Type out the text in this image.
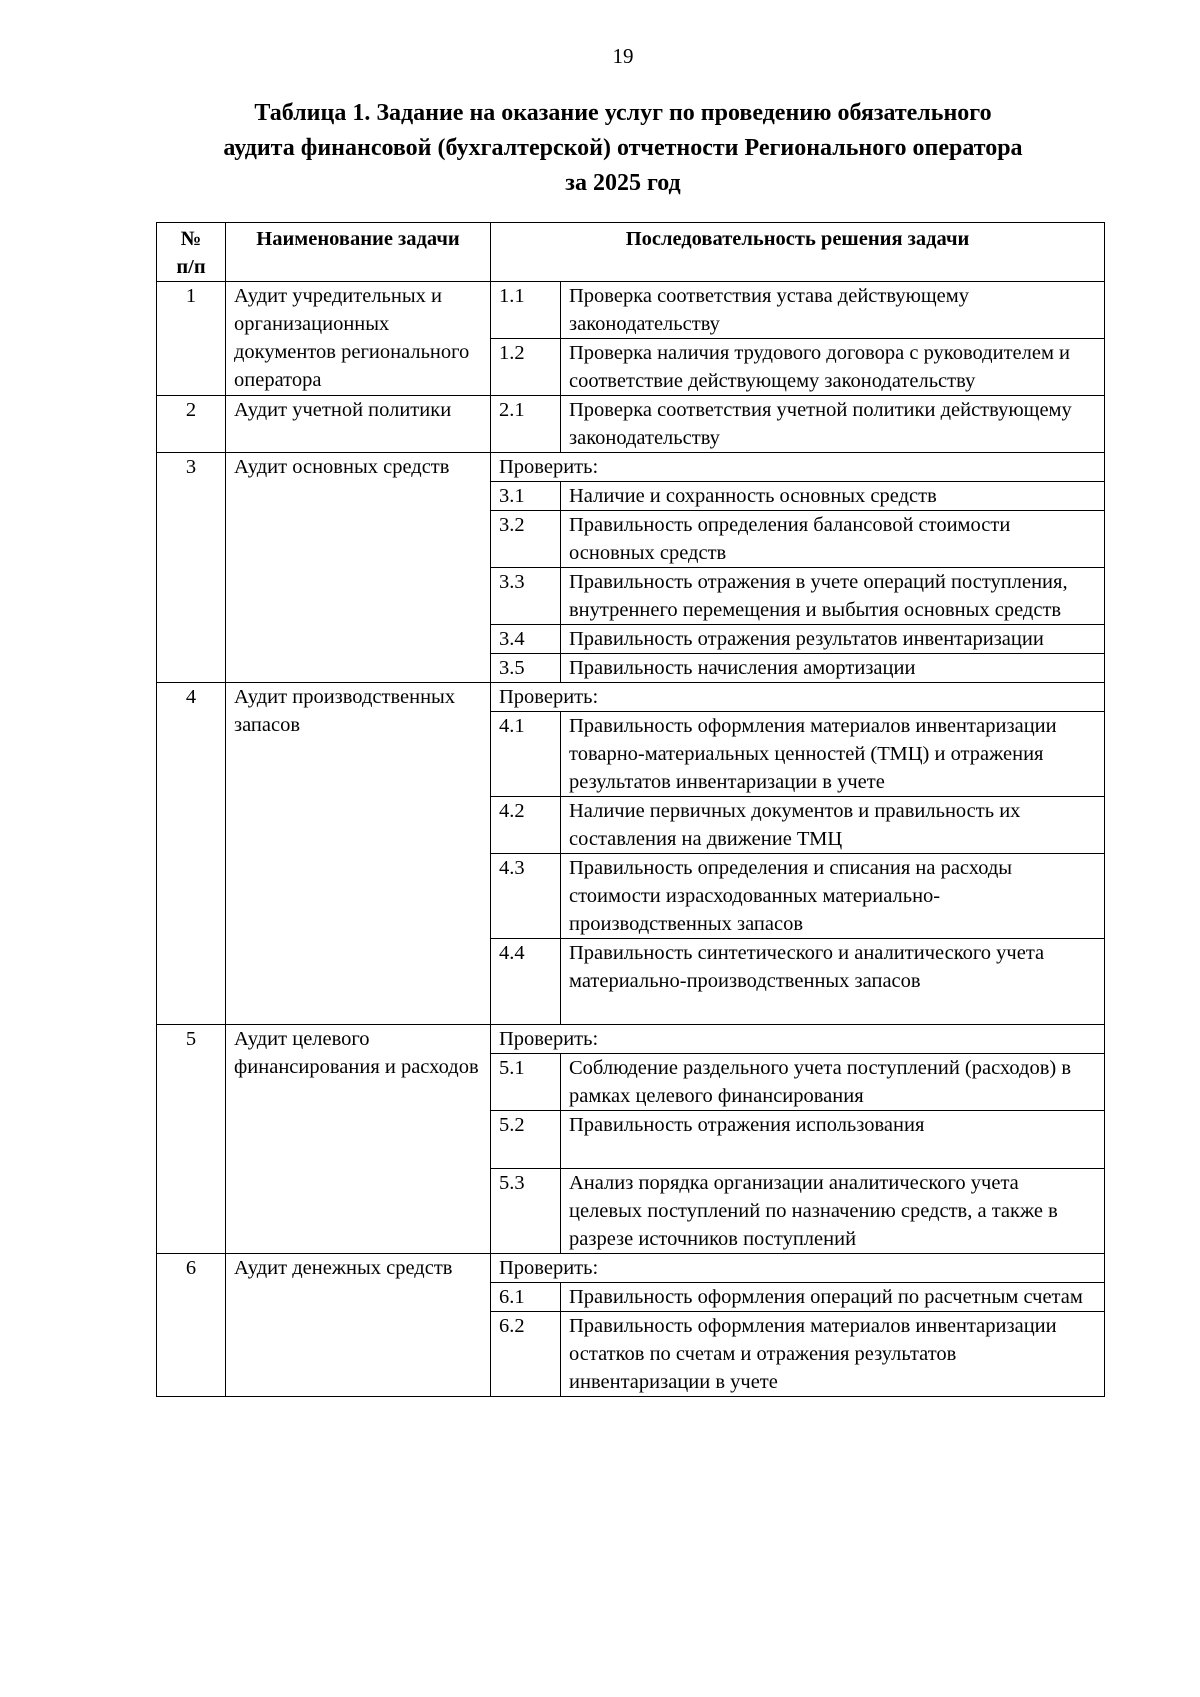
19
Таблица 1. Задание на оказание услуг по проведению обязательного
аудита финансовой (бухгалтерской) отчетности Регионального оператора
за 2025 год
№
п/п	Наименование задачи	Последовательность решения задачи	
1	Аудит учредительных и организационных документов регионального оператора	1.1	Проверка соответствия устава действующему законодательству
		1.2	Проверка наличия трудового договора с руководителем и соответствие действующему законодательству
2	Аудит учетной политики	2.1	Проверка соответствия учетной политики действующему законодательству
3	Аудит основных средств	Проверить:	
		3.1	Наличие и сохранность основных средств
		3.2	Правильность определения балансовой стоимости основных средств
		3.3	Правильность отражения в учете операций поступления, внутреннего перемещения и выбытия основных средств
		3.4	Правильность отражения результатов инвентаризации
		3.5	Правильность начисления амортизации
4	Аудит производственных запасов	Проверить:	
		4.1	Правильность оформления материалов инвентаризации товарно-материальных ценностей (ТМЦ) и отражения результатов инвентаризации в учете
		4.2	Наличие первичных документов и правильность их составления на движение ТМЦ
		4.3	Правильность определения и списания на расходы стоимости израсходованных материально-производственных запасов
		4.4	Правильность синтетического и аналитического учета материально-производственных запасов
5	Аудит целевого финансирования и расходов	Проверить:	
		5.1	Соблюдение раздельного учета поступлений (расходов) в рамках целевого финансирования
		5.2	Правильность отражения использования
		5.3	Анализ порядка организации аналитического учета целевых поступлений по назначению средств, а также в разрезе источников поступлений
6	Аудит денежных средств	Проверить:	
		6.1	Правильность оформления операций по расчетным счетам
		6.2	Правильность оформления материалов инвентаризации остатков по счетам и отражения результатов инвентаризации в учете
